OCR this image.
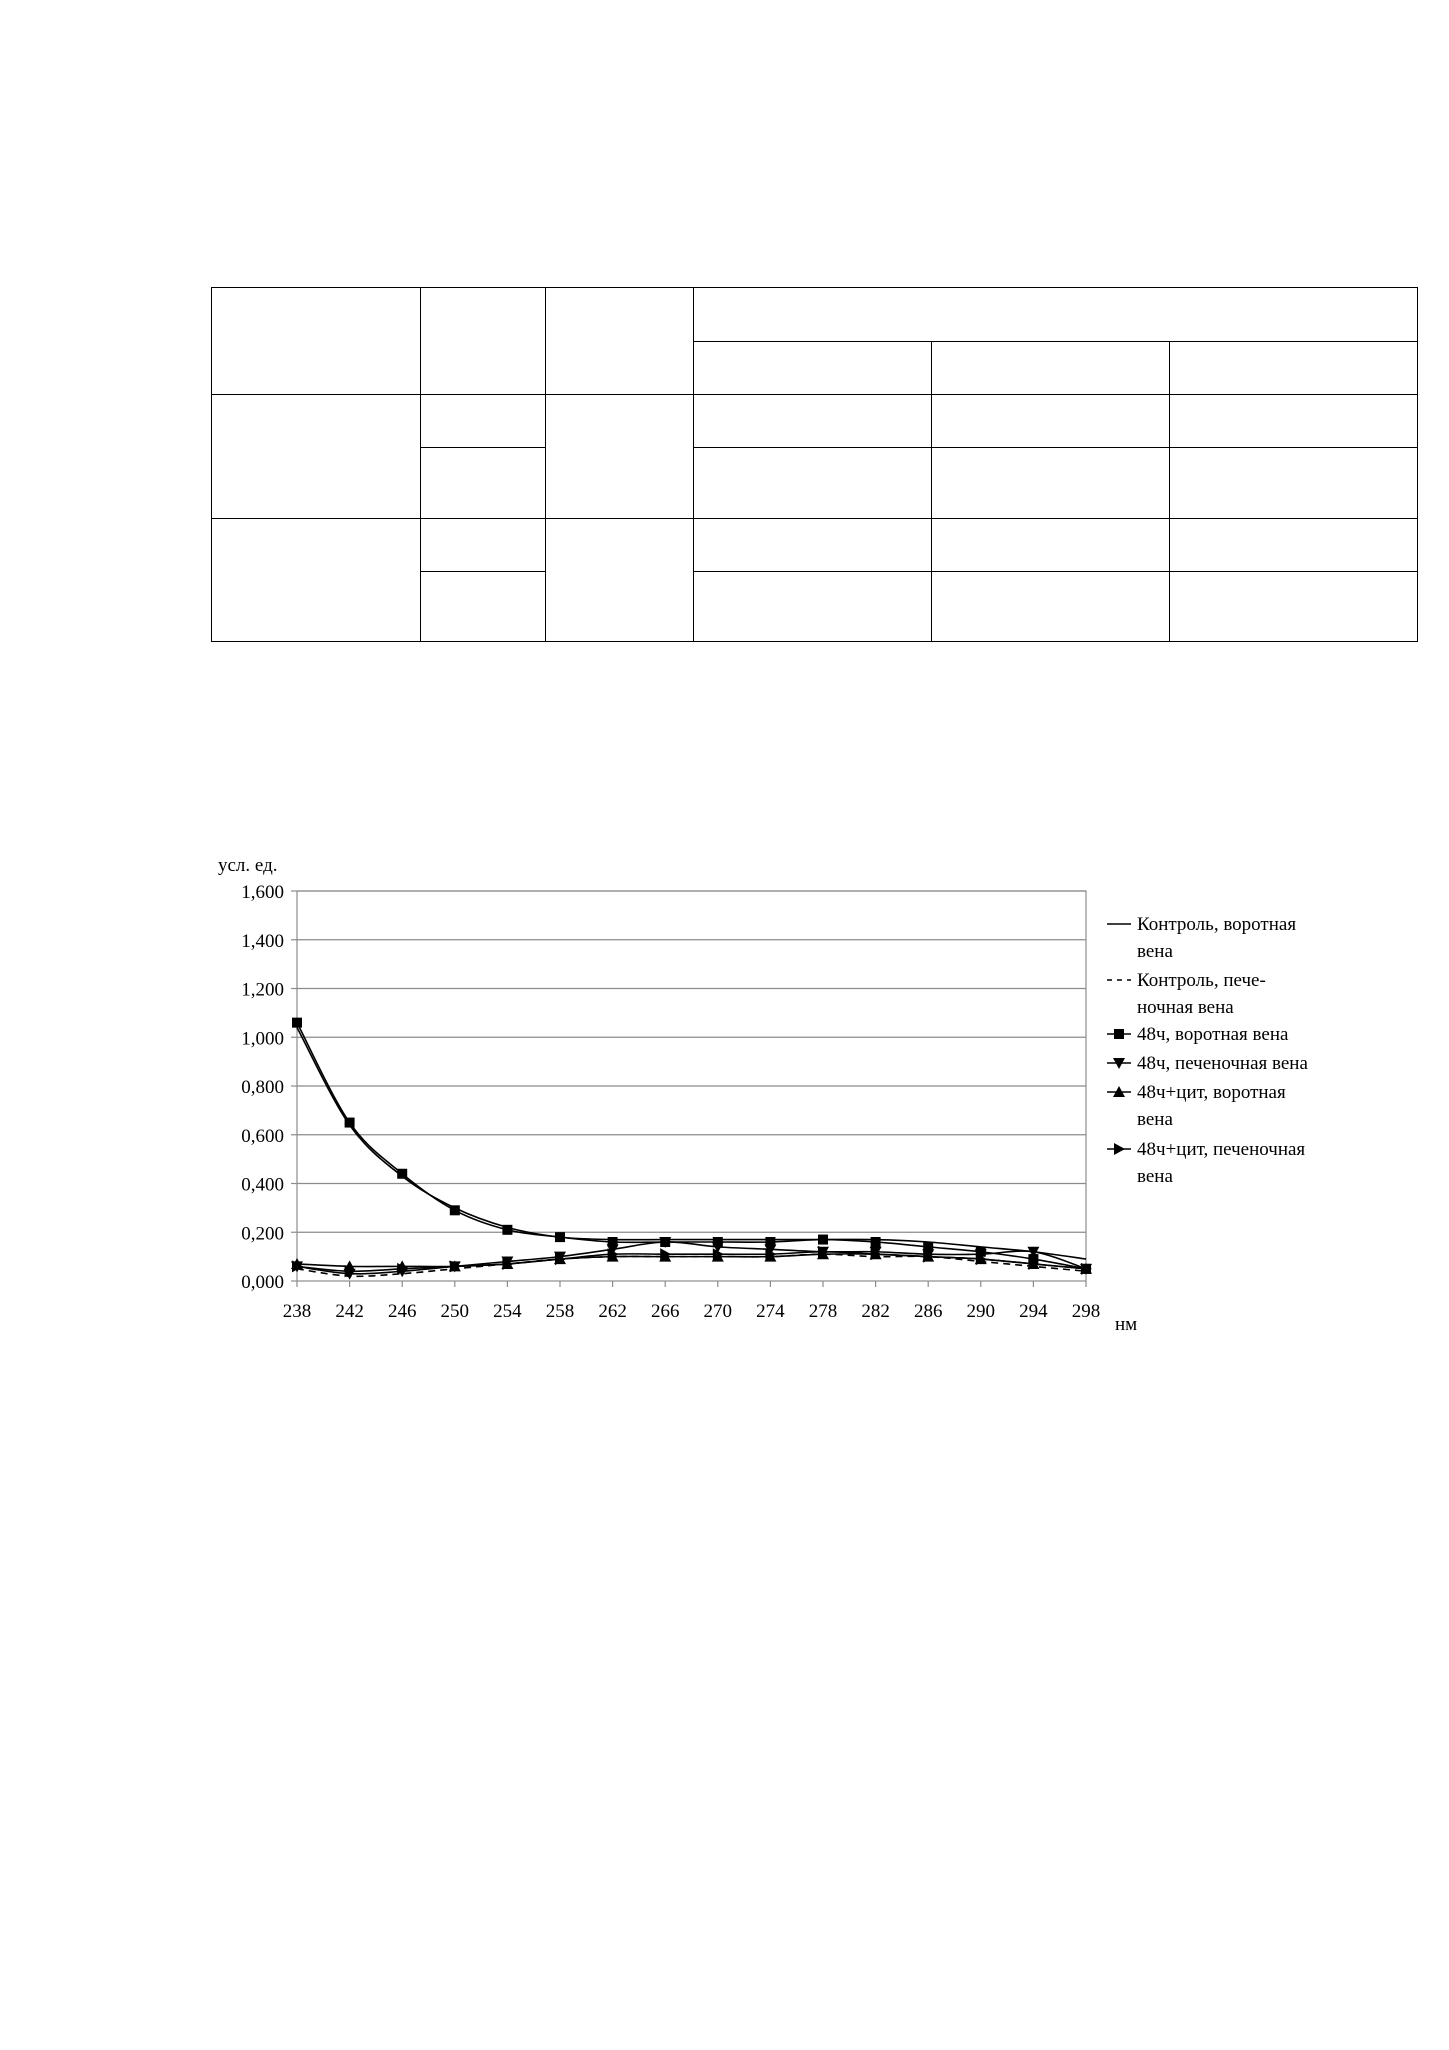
0,000
0,200
0,400
0,600
0,800
1,000
1,200
1,400
1,600
238 242 246 250 254 258 262 266 270 274 278 282 286 290 294 298
Контроль, воротная
вена
Контроль, пече-
ночная вена
48ч, воротная вена
48ч, печеночная вена
48ч+цит, воротная
вена
48ч+цит, печеночная
вена
усл. ед.
нм
